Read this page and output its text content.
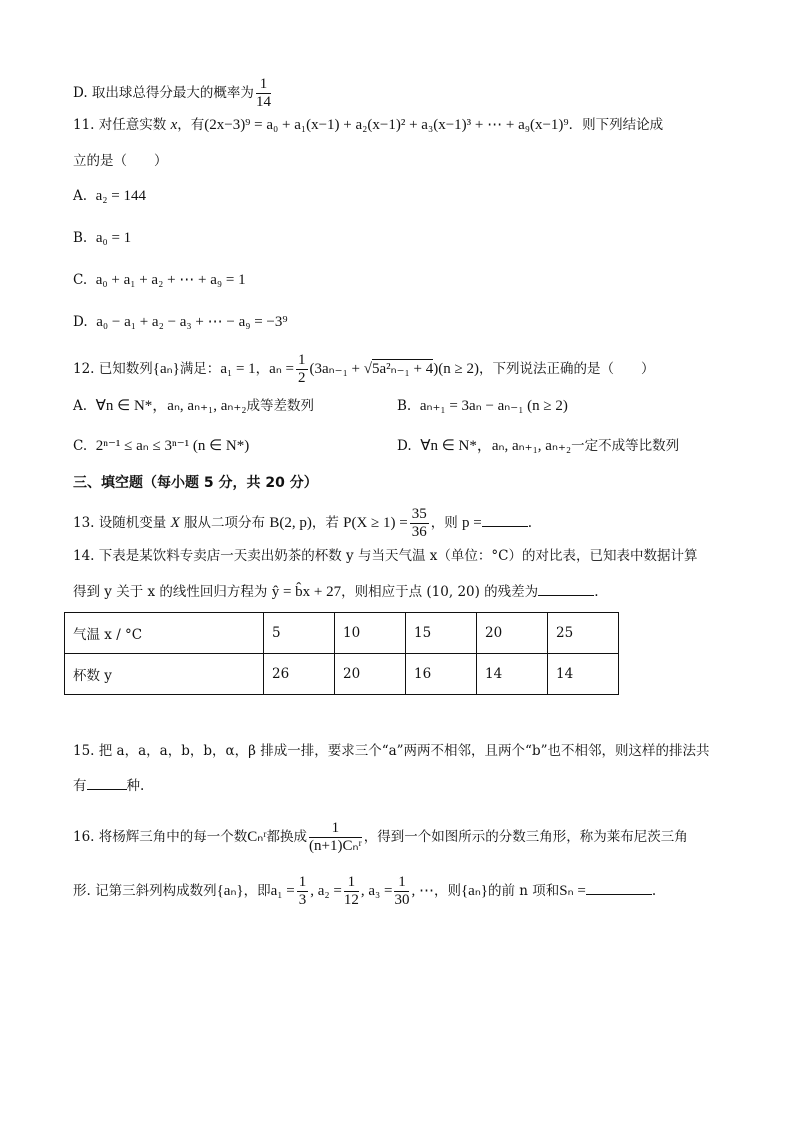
D. 取出球总得分最大的概率为 $\frac{1}{14}$
11. 对任意实数 x，有(2x−3)⁹ = a₀ + a₁(x−1) + a₂(x−1)² + a₃(x−1)³ + ⋯ + a₉(x−1)⁹．则下列结论成
立的是（　　）
A. a₂ = 144
B. a₀ = 1
C. a₀ + a₁ + a₂ + ⋯ + a₉ = 1
D. a₀ − a₁ + a₂ − a₃ + ⋯ − a₉ = −3⁹
12. 已知数列{aₙ}满足：a₁ = 1，$a_n = \frac{1}{2} (3a_{n-1} + √5a^2_{n-1} + 4)(n \ge 2)$，下列说法正确的是（　　）
A. ∀n ∈ N*，aₙ, aₙ₊₁, aₙ₊₂成等差数列	B. aₙ₊₁ = 3aₙ − aₙ₋₁ (n ≥ 2)
C. 2ⁿ⁻¹ ≤ aₙ ≤ 3ⁿ⁻¹ (n ∈ N*)	D. ∀n ∈ N*，aₙ, aₙ₊₁, aₙ₊₂一定不成等比数列
三、填空题（每小题 5 分，共 20 分）
13. 设随机变量 X 服从二项分布 B(2, p)，若 $P(X \ge 1) = \frac{35}{36}$ ，则 p =	.
14. 下表是某饮料专卖店一天卖出奶茶的杯数 y 与当天气温 x（单位：°C）的对比表，已知表中数据计算
得到 y 关于 x 的线性回归方程为 ŷ = b̂x + 27，则相应于点 (10, 20) 的残差为	.
气温 x / °C	5	10	15	20	25
杯数 y	26	20	16	14	14
15. 把 a，a，a，b，b，α，β 排成一排，要求三个“a”两两不相邻，且两个“b”也不相邻，则这样的排法共
有	种.
16. 将杨辉三角中的每一个数Cₙʳ都换成 $\frac{1}{\text{(n+1)Cₙʳ}}$ ，得到一个如图所示的分数三角形，称为莱布尼茨三角
形. 记第三斜列构成数列{aₙ}，即$a_1 = \frac{1}{3}$ , $a_2 = \frac{1}{12}$ , $a_3 = \frac{1}{30}$ , ⋯，则{aₙ}的前 n 项和Sₙ =	.
